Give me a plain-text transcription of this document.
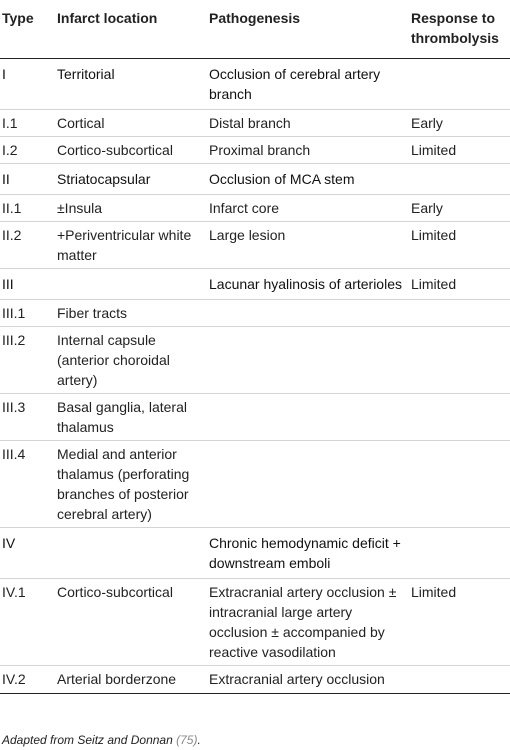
Type	Infarct location	Pathogenesis	Response to thrombolysis
I	Territorial	Occlusion of cerebral artery branch	
I.1	Cortical	Distal branch	Early
I.2	Cortico-subcortical	Proximal branch	Limited
II	Striatocapsular	Occlusion of MCA stem	
II.1	±Insula	Infarct core	Early
II.2	+Periventricular white matter	Large lesion	Limited
III		Lacunar hyalinosis of arterioles	Limited
III.1	Fiber tracts		
III.2	Internal capsule (anterior choroidal artery)		
III.3	Basal ganglia, lateral thalamus		
III.4	Medial and anterior thalamus (perforating branches of posterior cerebral artery)		
IV		Chronic hemodynamic deficit + downstream emboli	
IV.1	Cortico-subcortical	Extracranial artery occlusion ± intracranial large artery occlusion ± accompanied by reactive vasodilation	Limited
IV.2	Arterial borderzone	Extracranial artery occlusion	
Adapted from Seitz and Donnan (75).
